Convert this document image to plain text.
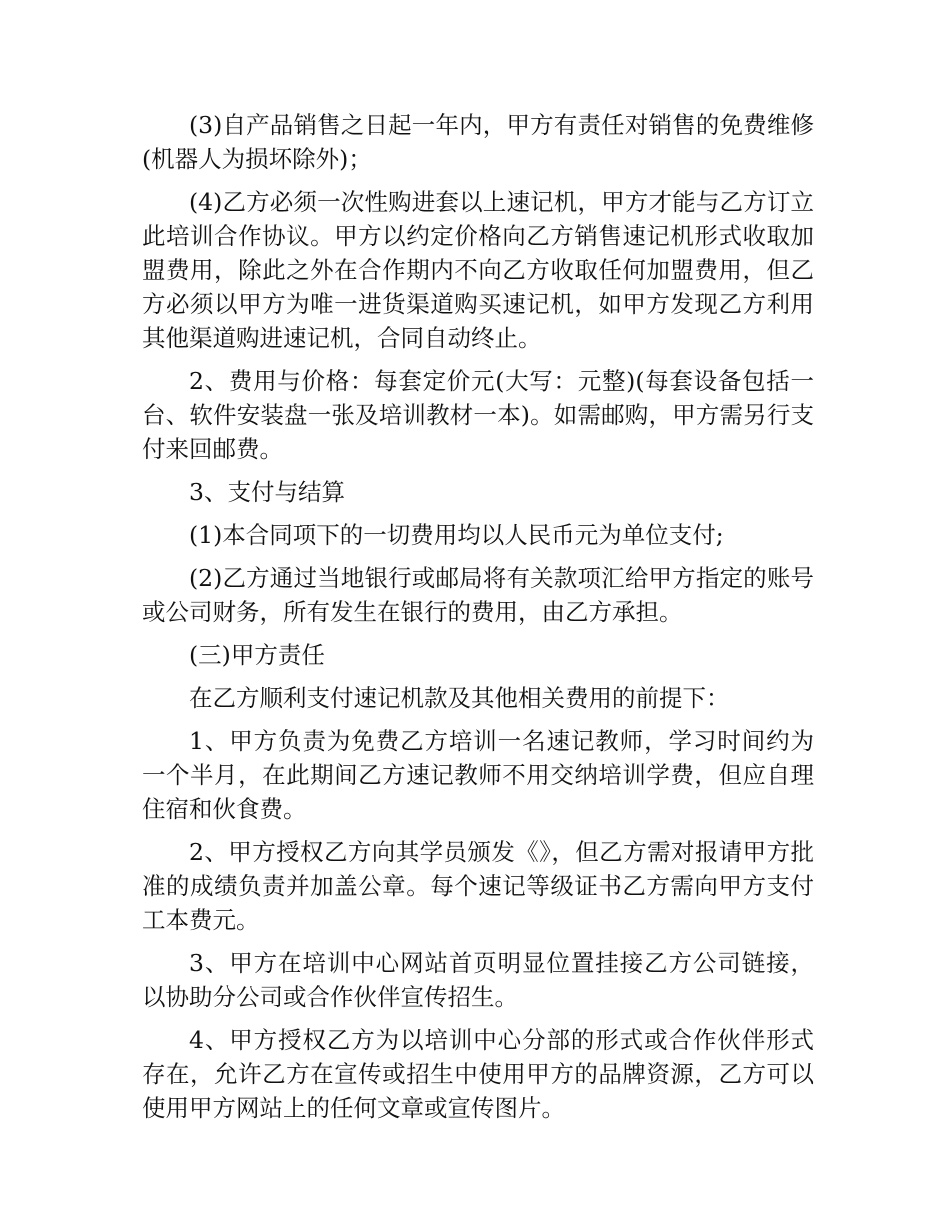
(3)自产品销售之日起一年内，甲方有责任对销售的免费维修(机器人为损坏除外)；

(4)乙方必须一次性购进套以上速记机，甲方才能与乙方订立此培训合作协议。甲方以约定价格向乙方销售速记机形式收取加盟费用，除此之外在合作期内不向乙方收取任何加盟费用，但乙方必须以甲方为唯一进货渠道购买速记机，如甲方发现乙方利用其他渠道购进速记机，合同自动终止。

2、费用与价格：每套定价元(大写：元整)(每套设备包括一台、软件安装盘一张及培训教材一本)。如需邮购，甲方需另行支付来回邮费。

3、支付与结算

(1)本合同项下的一切费用均以人民币元为单位支付;

(2)乙方通过当地银行或邮局将有关款项汇给甲方指定的账号或公司财务，所有发生在银行的费用，由乙方承担。

(三)甲方责任

在乙方顺利支付速记机款及其他相关费用的前提下：

1、甲方负责为免费乙方培训一名速记教师，学习时间约为一个半月，在此期间乙方速记教师不用交纳培训学费，但应自理住宿和伙食费。

2、甲方授权乙方向其学员颁发《》，但乙方需对报请甲方批准的成绩负责并加盖公章。每个速记等级证书乙方需向甲方支付工本费元。

3、甲方在培训中心网站首页明显位置挂接乙方公司链接，以协助分公司或合作伙伴宣传招生。

4、甲方授权乙方为以培训中心分部的形式或合作伙伴形式存在，允许乙方在宣传或招生中使用甲方的品牌资源，乙方可以使用甲方网站上的任何文章或宣传图片。
